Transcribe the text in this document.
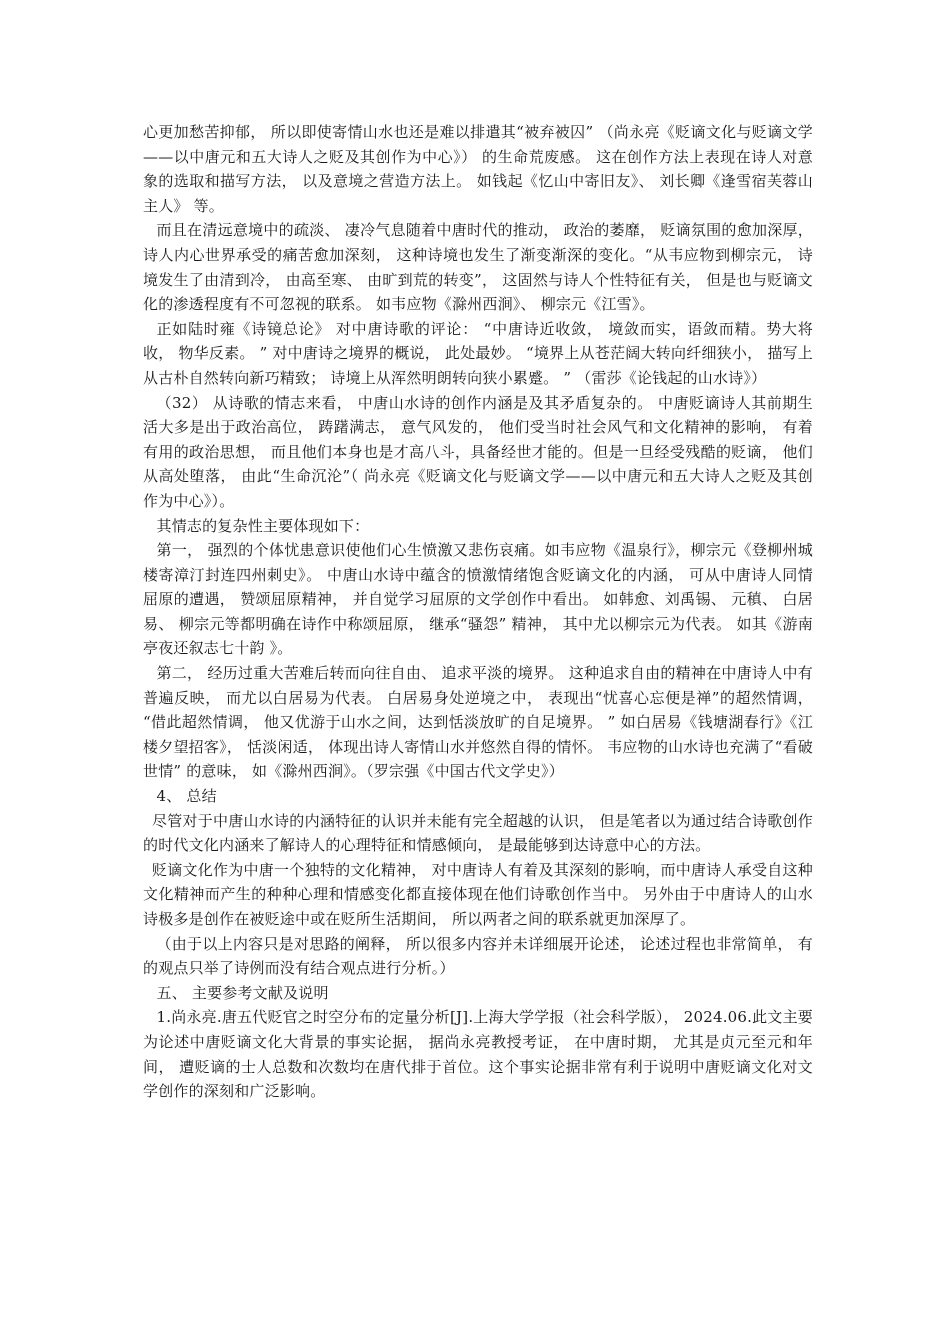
心更加愁苦抑郁， 所以即使寄情山水也还是难以排遣其“被弃被囚” （尚永亮《贬谪文化与贬谪文学——以中唐元和五大诗人之贬及其创作为中心》） 的生命荒废感。 这在创作方法上表现在诗人对意象的选取和描写方法， 以及意境之营造方法上。 如钱起《忆山中寄旧友》、 刘长卿《逢雪宿芙蓉山主人》 等。

而且在清远意境中的疏淡、 凄冷气息随着中唐时代的推动， 政治的萎靡， 贬谪氛围的愈加深厚， 诗人内心世界承受的痛苦愈加深刻， 这种诗境也发生了渐变渐深的变化。“从韦应物到柳宗元， 诗境发生了由清到冷， 由高至寒、 由旷到荒的转变”， 这固然与诗人个性特征有关， 但是也与贬谪文化的渗透程度有不可忽视的联系。 如韦应物《滁州西涧》、 柳宗元《江雪》。

正如陆时雍《诗镜总论》 对中唐诗歌的评论： “中唐诗近收敛， 境敛而实，语敛而精。势大将收， 物华反素。 ” 对中唐诗之境界的概说， 此处最妙。 “境界上从苍茫阔大转向纤细狭小， 描写上从古朴自然转向新巧精致； 诗境上从浑然明朗转向狭小累蹙。 ” （雷莎《论钱起的山水诗》）

（32） 从诗歌的情志来看， 中唐山水诗的创作内涵是及其矛盾复杂的。 中唐贬谪诗人其前期生活大多是出于政治高位， 踌躇满志， 意气风发的， 他们受当时社会风气和文化精神的影响， 有着有用的政治思想， 而且他们本身也是才高八斗，具备经世才能的。但是一旦经受残酷的贬谪， 他们从高处堕落， 由此“生命沉沦”（ 尚永亮《贬谪文化与贬谪文学——以中唐元和五大诗人之贬及其创作为中心》）。

其情志的复杂性主要体现如下：

第一， 强烈的个体忧患意识使他们心生愤激又悲伤哀痛。如韦应物《温泉行》，柳宗元《登柳州城楼寄漳汀封连四州刺史》。 中唐山水诗中蕴含的愤激情绪饱含贬谪文化的内涵， 可从中唐诗人同情屈原的遭遇， 赞颂屈原精神， 并自觉学习屈原的文学创作中看出。 如韩愈、刘禹锡、 元稹、 白居易、 柳宗元等都明确在诗作中称颂屈原， 继承“骚怨” 精神， 其中尤以柳宗元为代表。 如其《游南亭夜还叙志七十韵 》。

第二， 经历过重大苦难后转而向往自由、 追求平淡的境界。 这种追求自由的精神在中唐诗人中有普遍反映， 而尤以白居易为代表。 白居易身处逆境之中， 表现出“忧喜心忘便是禅”的超然情调， “借此超然情调， 他又优游于山水之间，达到恬淡放旷的自足境界。 ” 如白居易《钱塘湖春行》《江楼夕望招客》， 恬淡闲适， 体现出诗人寄情山水并悠然自得的情怀。 韦应物的山水诗也充满了“看破世情” 的意味， 如《滁州西涧》。（罗宗强《中国古代文学史》）

4、 总结

尽管对于中唐山水诗的内涵特征的认识并未能有完全超越的认识， 但是笔者以为通过结合诗歌创作的时代文化内涵来了解诗人的心理特征和情感倾向， 是最能够到达诗意中心的方法。

贬谪文化作为中唐一个独特的文化精神， 对中唐诗人有着及其深刻的影响，而中唐诗人承受自这种文化精神而产生的种种心理和情感变化都直接体现在他们诗歌创作当中。 另外由于中唐诗人的山水诗极多是创作在被贬途中或在贬所生活期间， 所以两者之间的联系就更加深厚了。

（由于以上内容只是对思路的阐释， 所以很多内容并未详细展开论述， 论述过程也非常简单， 有的观点只举了诗例而没有结合观点进行分析。）

五、 主要参考文献及说明

1.尚永亮.唐五代贬官之时空分布的定量分析[J].上海大学学报（社会科学版）， 2024.06.此文主要为论述中唐贬谪文化大背景的事实论据， 据尚永亮教授考证， 在中唐时期， 尤其是贞元至元和年间， 遭贬谪的士人总数和次数均在唐代排于首位。这个事实论据非常有利于说明中唐贬谪文化对文学创作的深刻和广泛影响。
